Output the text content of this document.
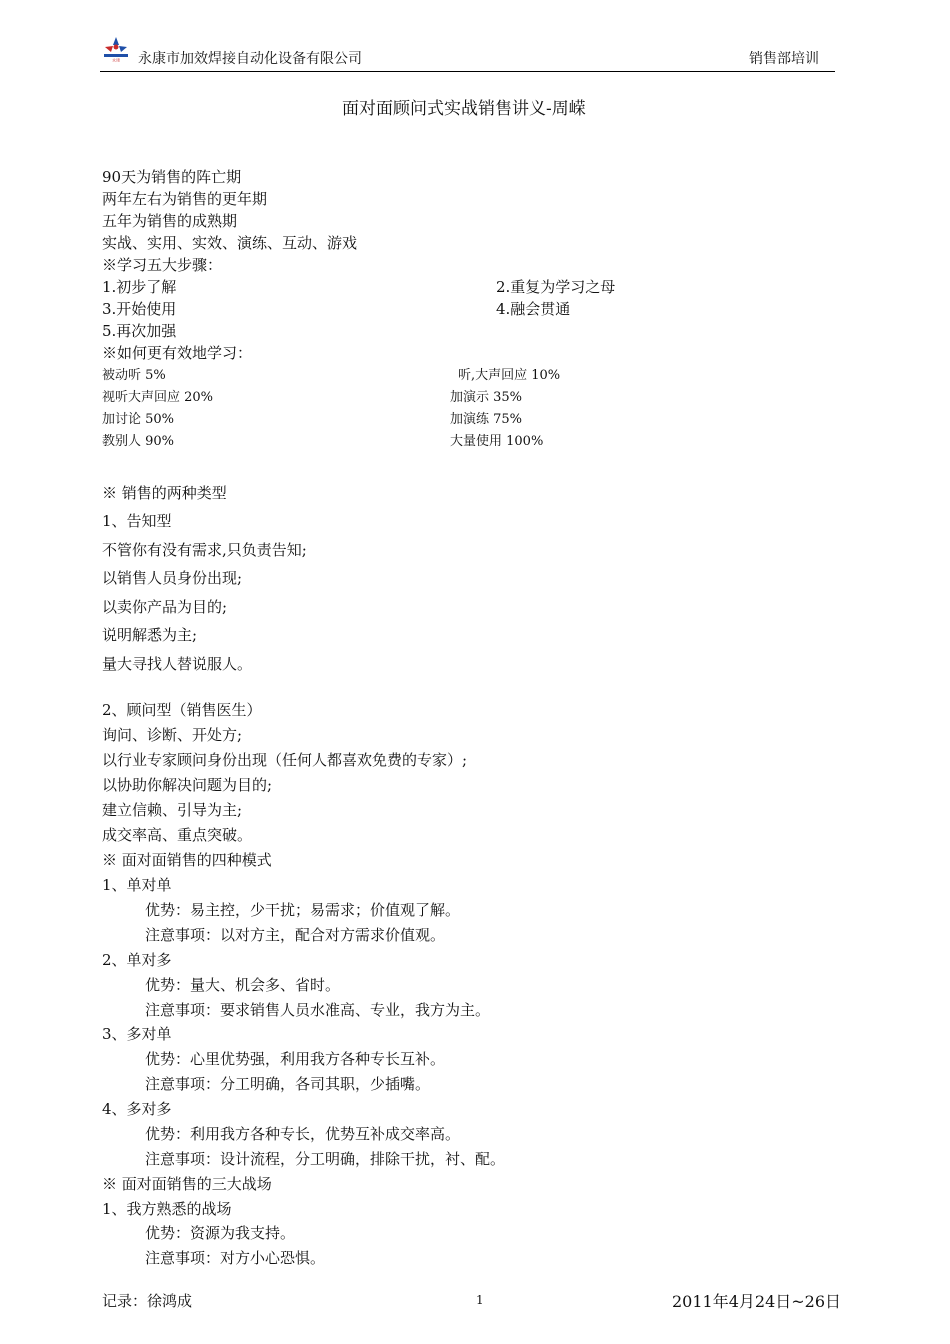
永康 永康市加效焊接自动化设备有限公司	销售部培训
面对面顾问式实战销售讲义-周嵘
90天为销售的阵亡期
两年左右为销售的更年期
五年为销售的成熟期
实战、实用、实效、演练、互动、游戏
※学习五大步骤：
1.初步了解	2.重复为学习之母
3.开始使用	4.融会贯通
5.再次加强
※如何更有效地学习：
被动听 5%	听,大声回应 10%
视听大声回应 20%	加演示 35%
加讨论 50%	加演练 75%
教别人 90%	大量使用 100%
※ 销售的两种类型
1、告知型
不管你有没有需求,只负责告知;
以销售人员身份出现;
以卖你产品为目的;
说明解悉为主;
量大寻找人替说服人。
2、顾问型（销售医生）
询问、诊断、开处方;
以行业专家顾问身份出现（任何人都喜欢免费的专家）;
以协助你解决问题为目的;
建立信赖、引导为主;
成交率高、重点突破。
※ 面对面销售的四种模式
1、单对单
优势：易主控，少干扰；易需求；价值观了解。
注意事项：以对方主，配合对方需求价值观。
2、单对多
优势：量大、机会多、省时。
注意事项：要求销售人员水准高、专业，我方为主。
3、多对单
优势：心里优势强，利用我方各种专长互补。
注意事项：分工明确，各司其职，少插嘴。
4、多对多
优势：利用我方各种专长，优势互补成交率高。
注意事项：设计流程，分工明确，排除干扰，衬、配。
※ 面对面销售的三大战场
1、我方熟悉的战场
优势：资源为我支持。
注意事项：对方小心恐惧。
记录：徐鸿成	1	2011年4月24日~26日
